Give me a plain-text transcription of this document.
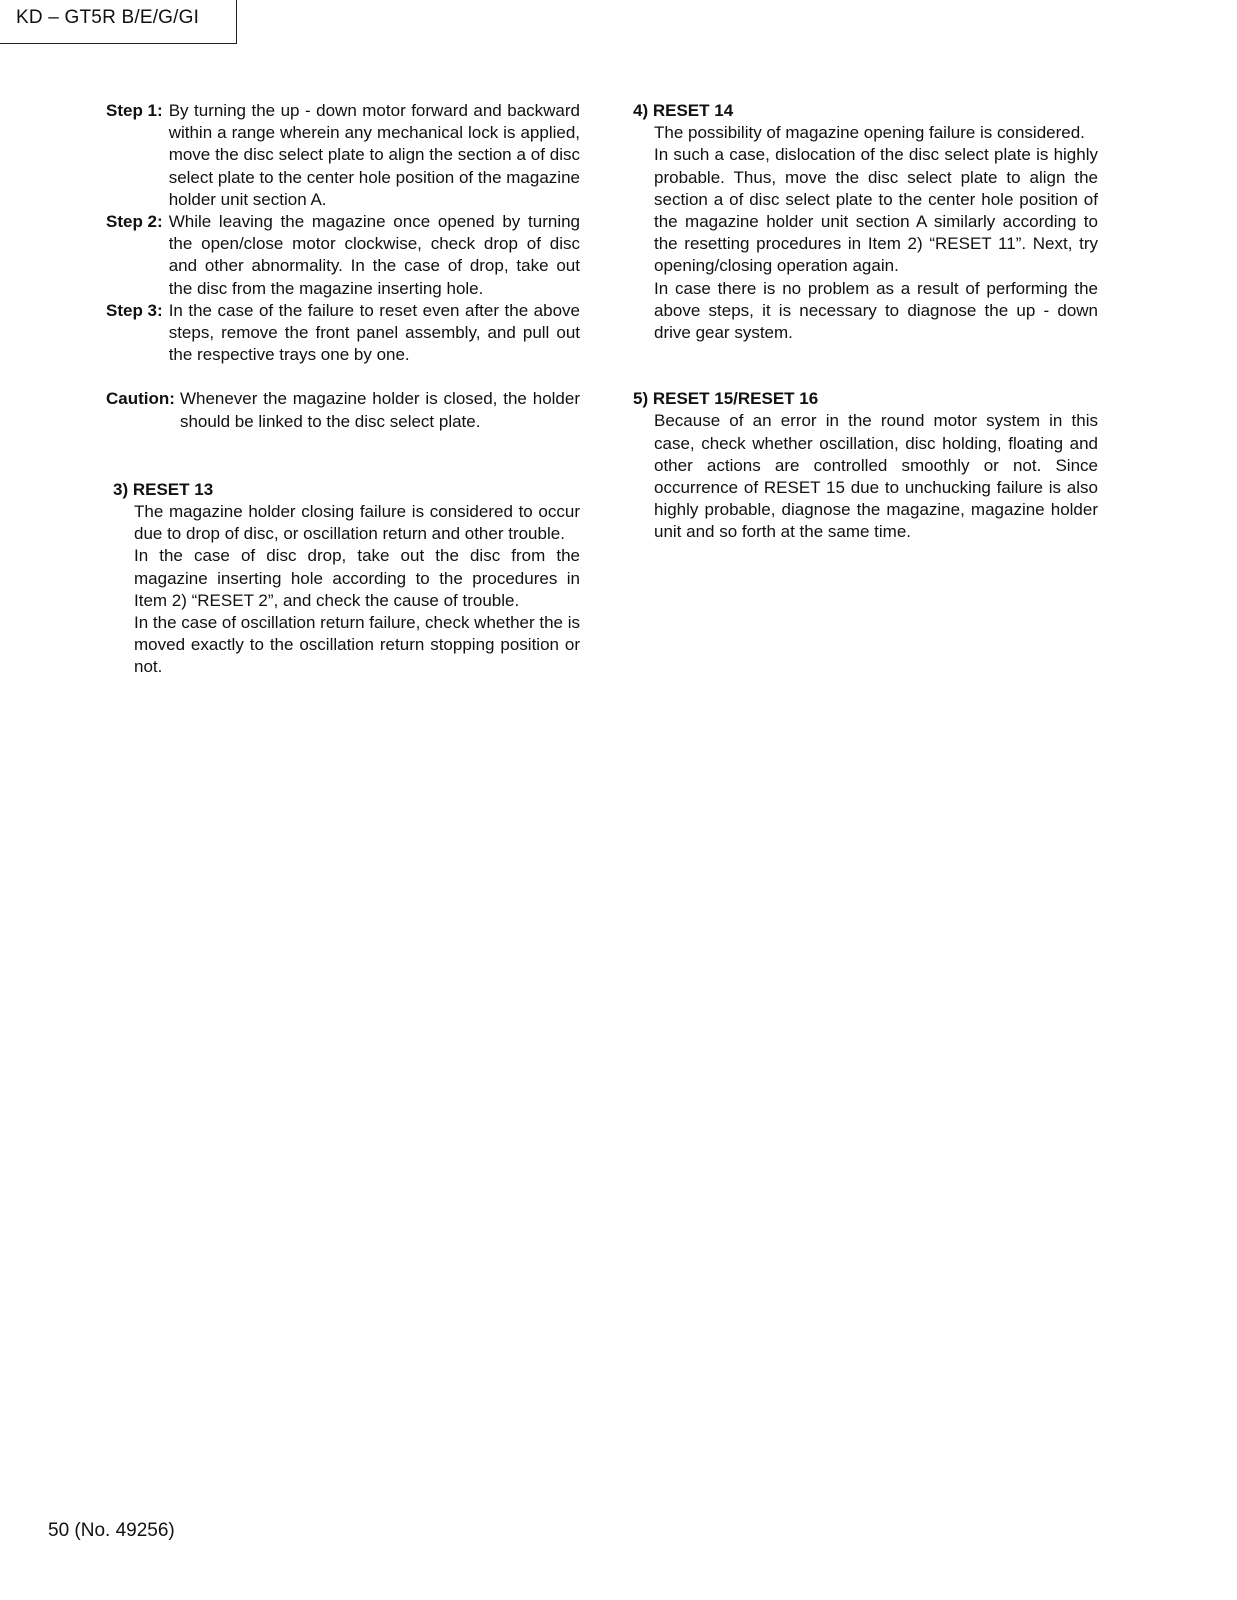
KD – GT5R B/E/G/GI
Step 1: By turning the up - down motor forward and backward within a range wherein any mechanical lock is applied, move the disc select plate to align the section a of disc select plate to the center hole position of the magazine holder unit section A.
Step 2: While leaving the magazine once opened by turning the open/close motor clockwise, check drop of disc and other abnormality. In the case of drop, take out the disc from the magazine inserting hole.
Step 3: In the case of the failure to reset even after the above steps, remove the front panel assembly, and pull out the respective trays one by one.
Caution: Whenever the magazine holder is closed, the holder should be linked to the disc select plate.
3) RESET 13

The magazine holder closing failure is considered to occur due to drop of disc, or oscillation return and other trouble.

In the case of disc drop, take out the disc from the magazine inserting hole according to the procedures in Item 2) “RESET 2”, and check the cause of trouble.

In the case of oscillation return failure, check whether the is moved exactly to the oscillation return stopping position or not.

4) RESET 14

The possibility of magazine opening failure is considered.

In such a case, dislocation of the disc select plate is highly probable. Thus, move the disc select plate to align the section a of disc select plate to the center hole position of the magazine holder unit section A similarly according to the resetting procedures in Item 2) “RESET 11”. Next, try opening/closing operation again.

In case there is no problem as a result of performing the above steps, it is necessary to diagnose the up - down drive gear system.

5) RESET 15/RESET 16

Because of an error in the round motor system in this case, check whether oscillation, disc holding, floating and other actions are controlled smoothly or not. Since occurrence of RESET 15 due to unchucking failure is also highly probable, diagnose the magazine, magazine holder unit and so forth at the same time.

50 (No. 49256)
